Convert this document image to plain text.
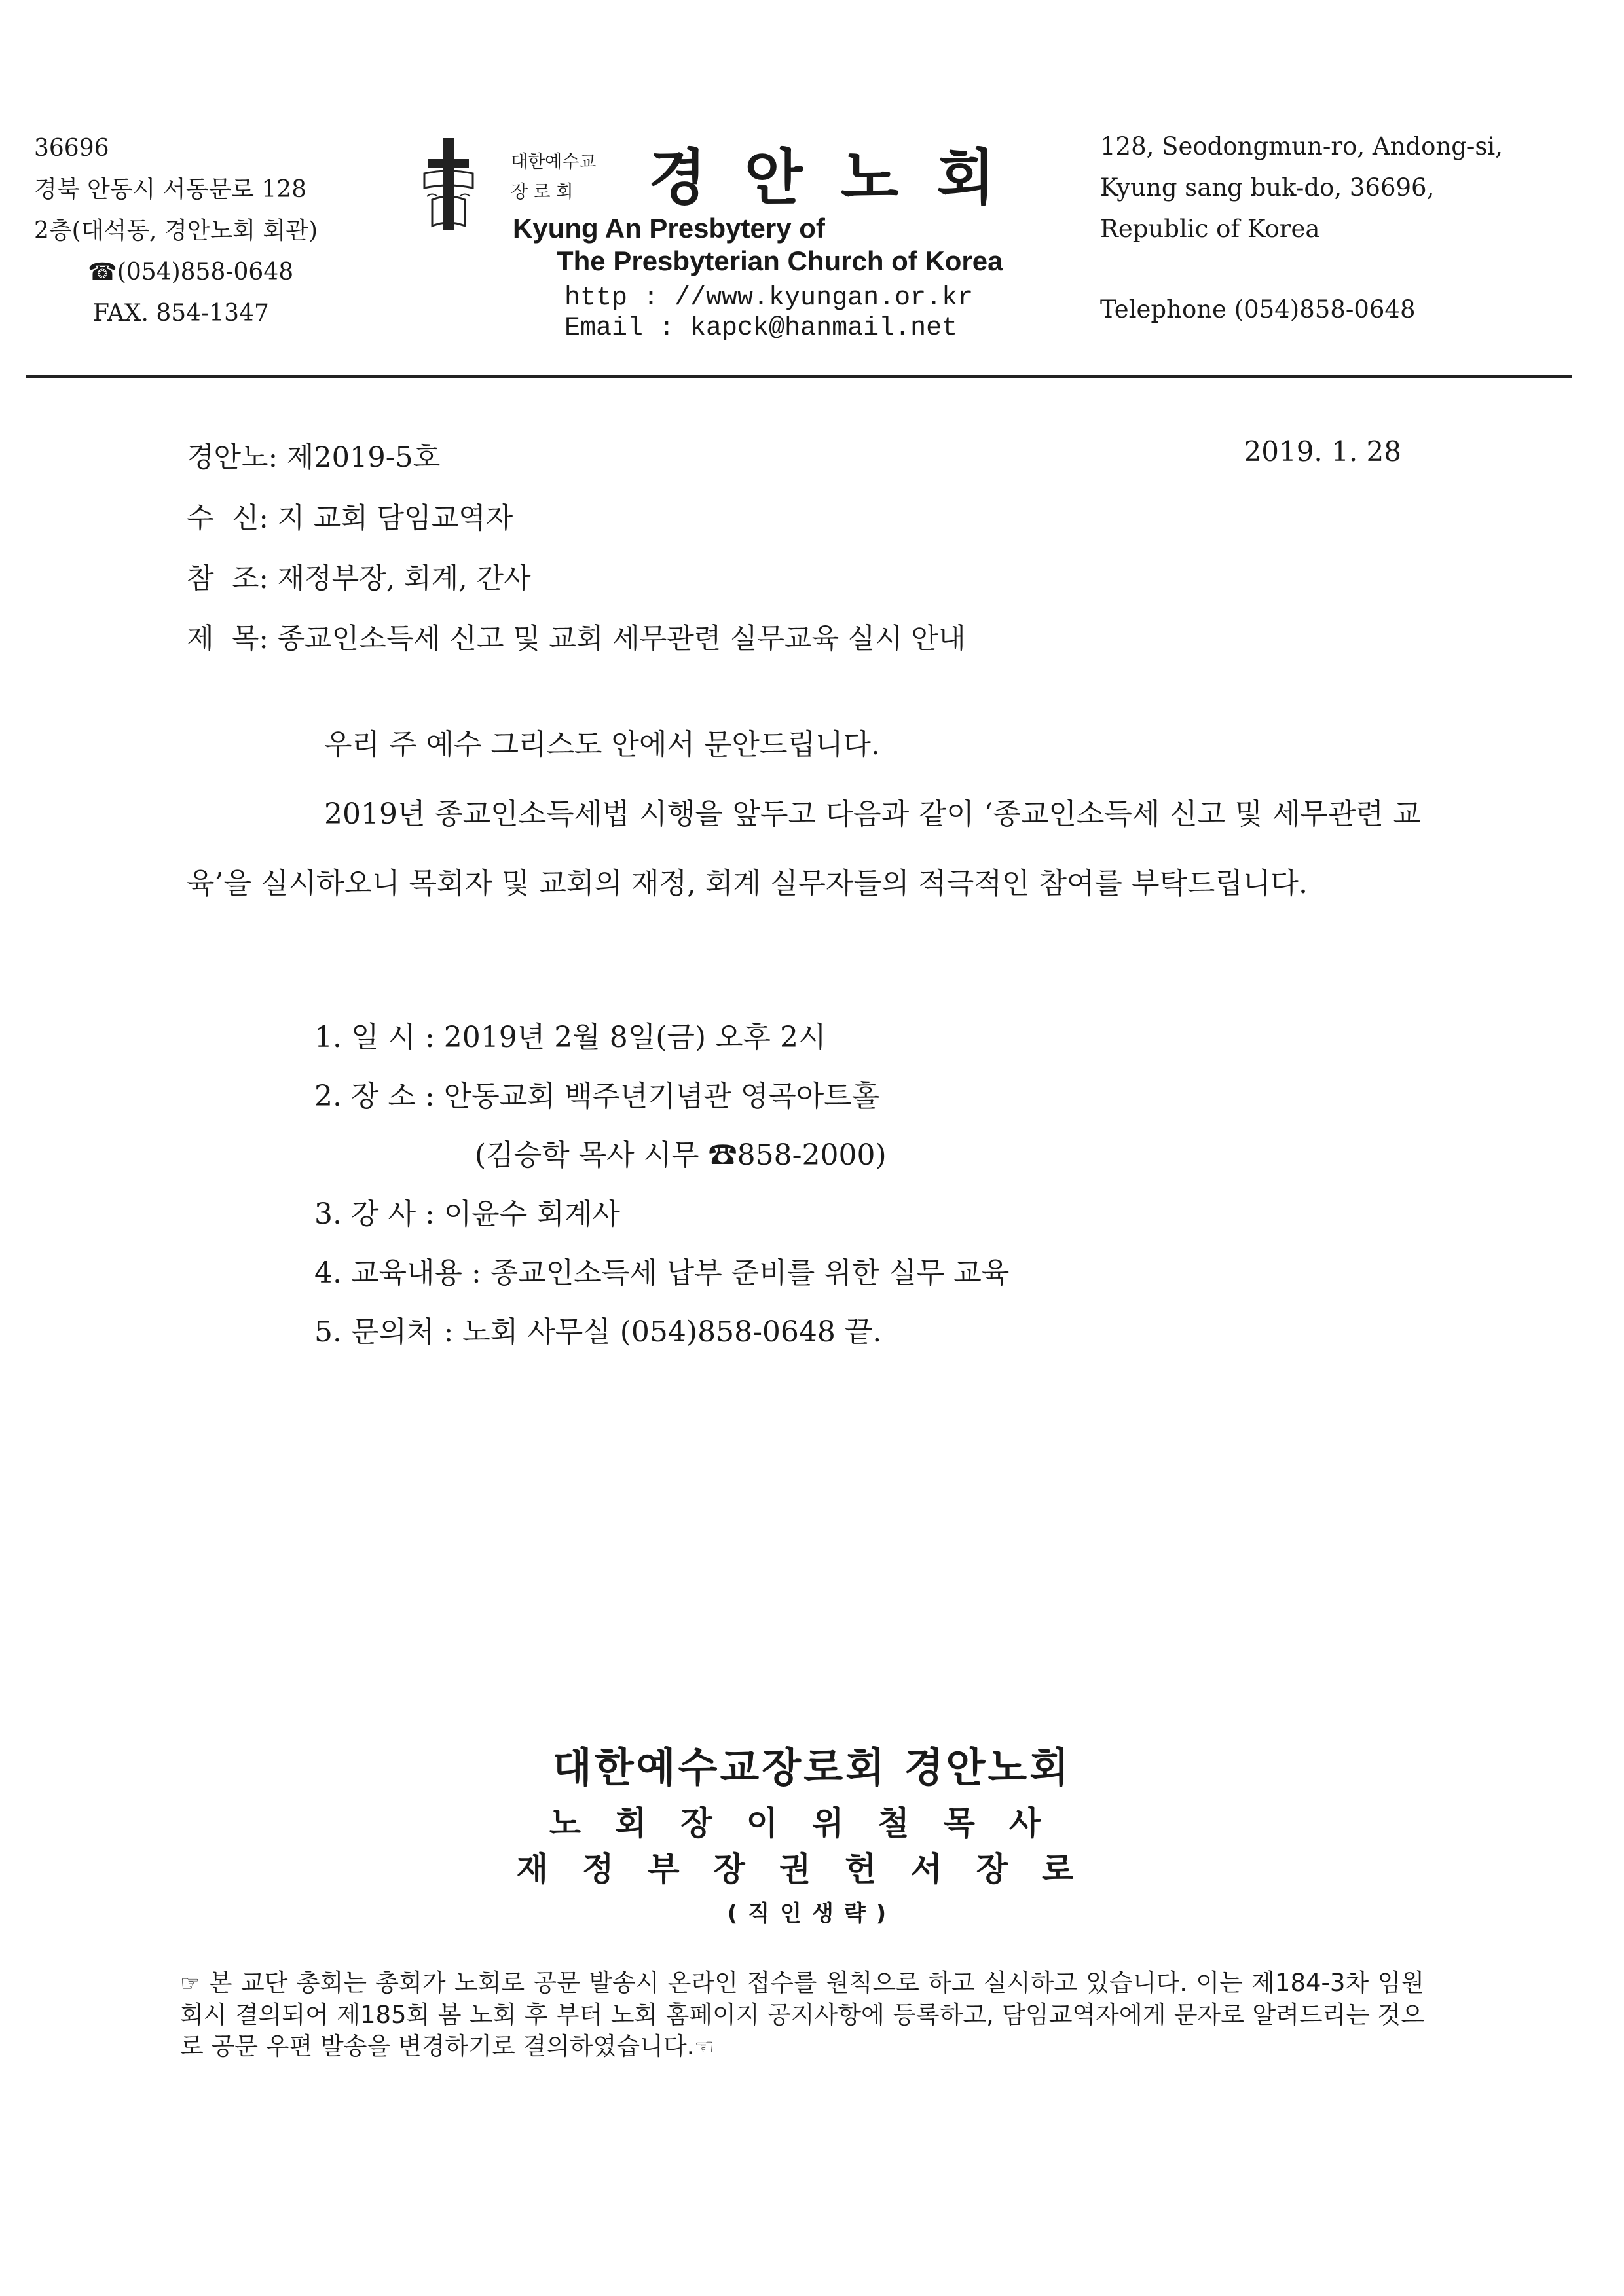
36696
경북 안동시 서동문로 128
2층(대석동, 경안노회 회관)
☎(054)858-0648
FAX. 854-1347
대한예수교
장 로 회	경안노회
Kyung An Presbytery of
The Presbyterian Church of Korea
http : //www.kyungan.or.kr
Email : kapck@hanmail.net
128, Seodongmun-ro, Andong-si,
Kyung sang buk-do, 36696,
Republic of Korea
Telephone (054)858-0648
경안노: 제2019-5호	2019. 1. 28
수  신: 지 교회 담임교역자
참  조: 재정부장, 회계, 간사
제  목: 종교인소득세 신고 및 교회 세무관련 실무교육 실시 안내

우리 주 예수 그리스도 안에서 문안드립니다.

2019년 종교인소득세법 시행을 앞두고 다음과 같이 ‘종교인소득세 신고 및 세무관련 교육’을 실시하오니 목회자 및 교회의 재정, 회계 실무자들의 적극적인 참여를 부탁드립니다.

1. 일 시 : 2019년 2월 8일(금) 오후 2시
2. 장 소 : 안동교회 백주년기념관 영곡아트홀
(김승학 목사 시무 ☎858-2000)
3. 강 사 : 이윤수 회계사
4. 교육내용 : 종교인소득세 납부 준비를 위한 실무 교육
5. 문의처 : 노회 사무실 (054)858-0648 끝.
대한예수교장로회 경안노회
노회장이위철목사
재정부장권헌서장로
(직인생략)
☞ 본 교단 총회는 총회가 노회로 공문 발송시 온라인 접수를 원칙으로 하고 실시하고 있습니다. 이는 제184-3차 임원회시 결의되어 제185회 봄 노회 후 부터 노회 홈페이지 공지사항에 등록하고, 담임교역자에게 문자로 알려드리는 것으로 공문 우편 발송을 변경하기로 결의하였습니다.☜
